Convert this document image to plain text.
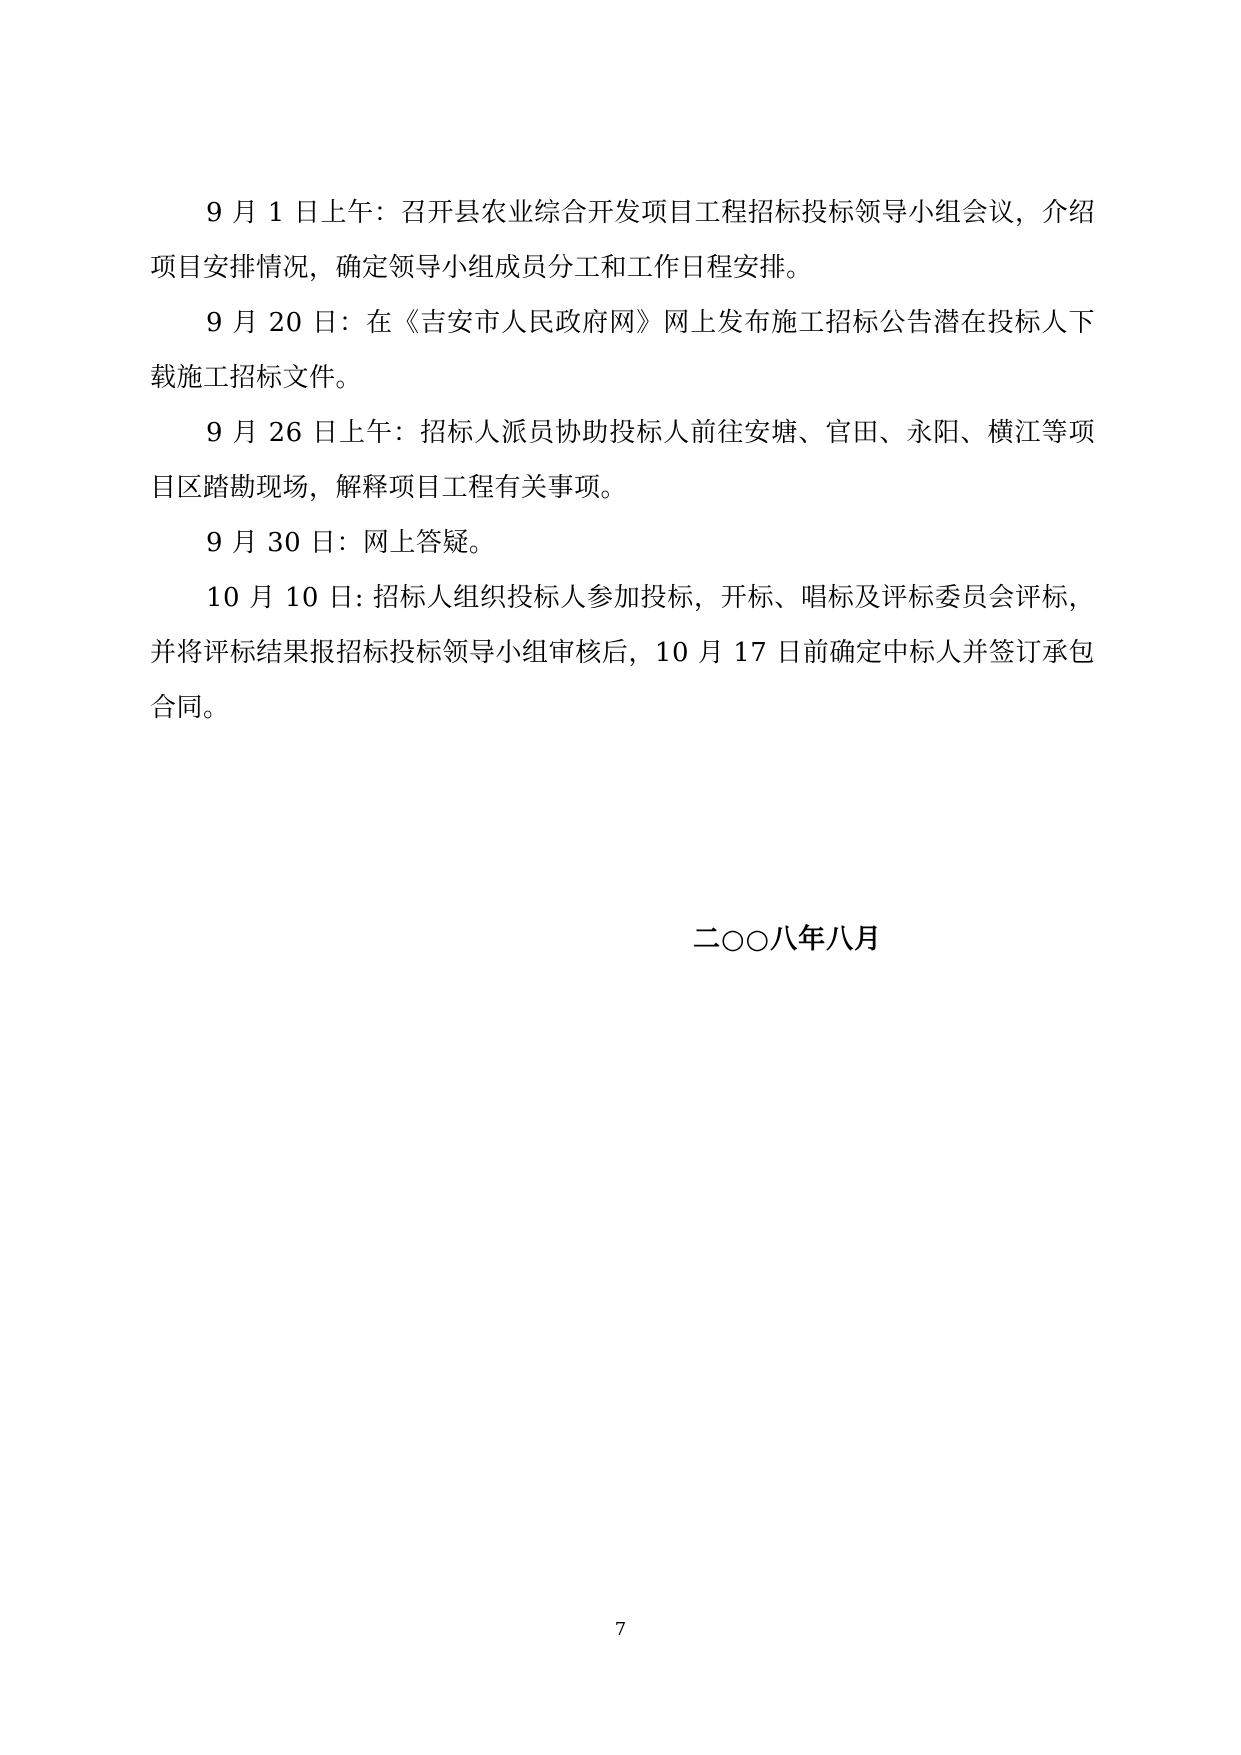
9 月 1 日上午：召开县农业综合开发项目工程招标投标领导小组会议，介绍项目安排情况，确定领导小组成员分工和工作日程安排。

9 月 20 日：在《吉安市人民政府网》网上发布施工招标公告潜在投标人下载施工招标文件。

9 月 26 日上午：招标人派员协助投标人前往安塘、官田、永阳、横江等项目区踏勘现场，解释项目工程有关事项。

9 月 30 日：网上答疑。

10 月 10 日: 招标人组织投标人参加投标，开标、唱标及评标委员会评标，并将评标结果报招标投标领导小组审核后，10 月 17 日前确定中标人并签订承包合同。

二○○八年八月
7
